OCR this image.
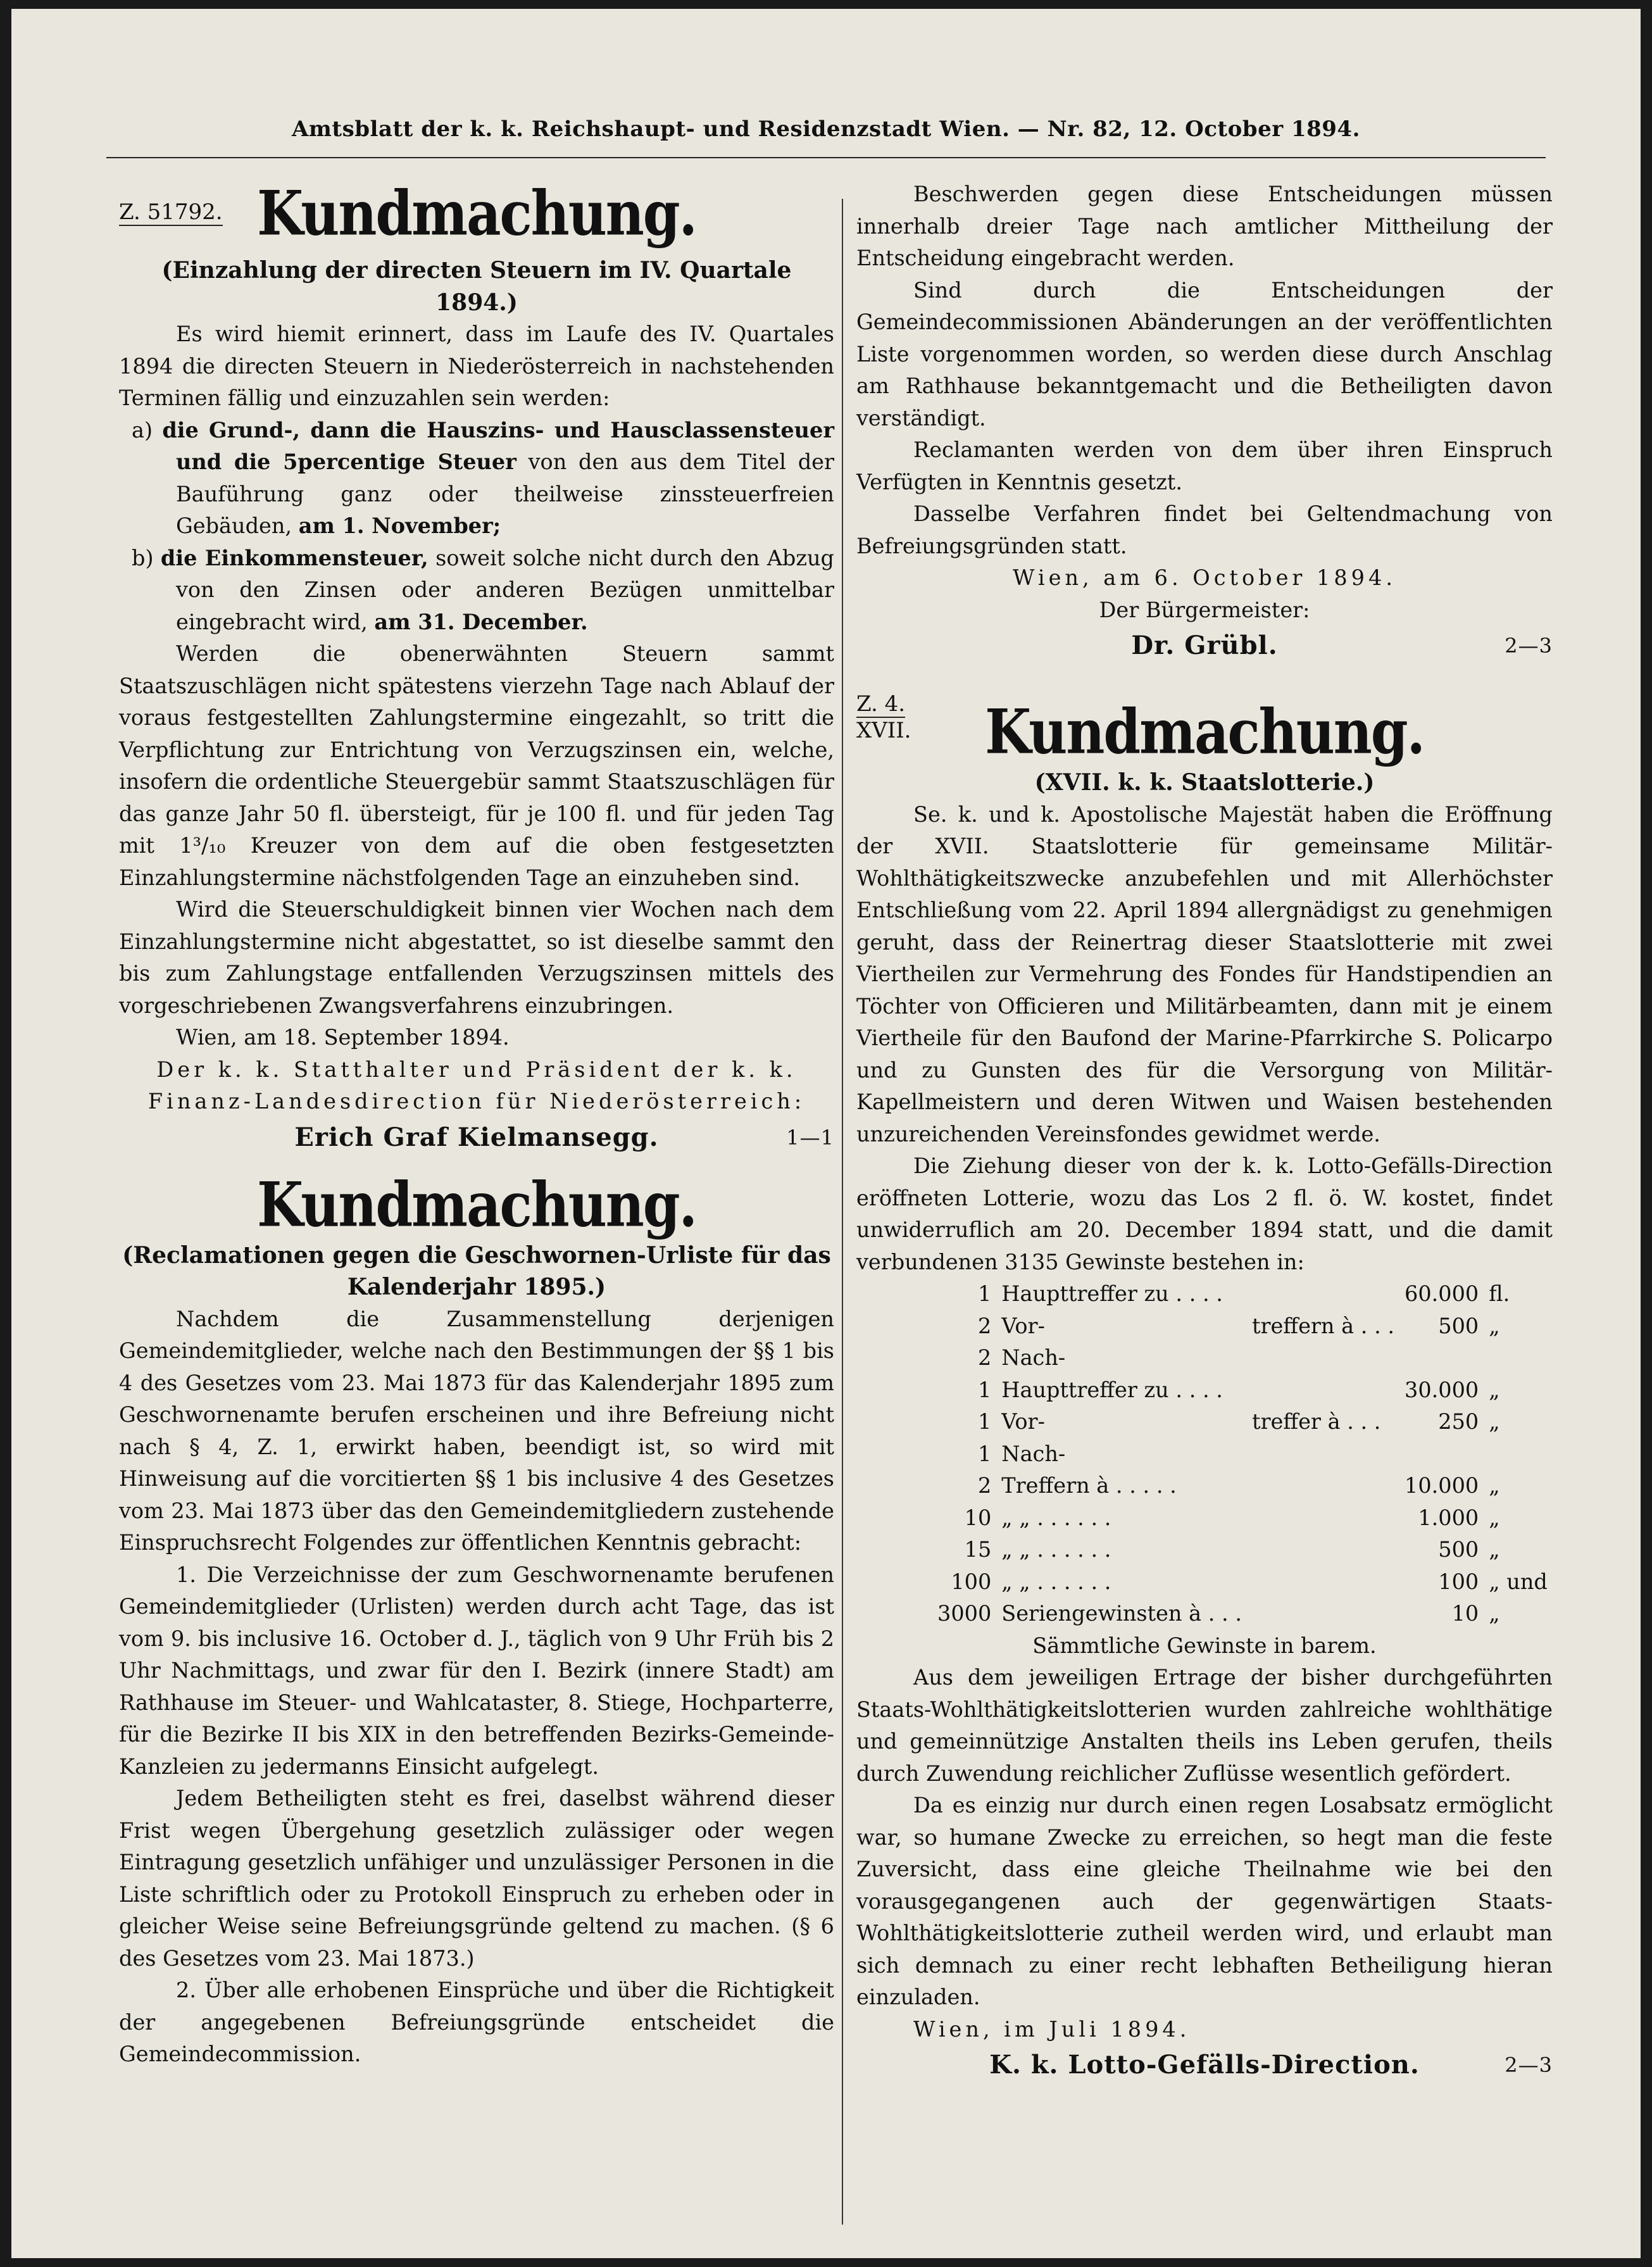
Amtsblatt der k. k. Reichshaupt- und Residenzstadt Wien. — Nr. 82, 12. October 1894.
Z. 51792. Kundmachung.

(Einzahlung der directen Steuern im IV. Quartale 1894.)

Es wird hiemit erinnert, dass im Laufe des IV. Quartales 1894 die directen Steuern in Niederösterreich in nachstehenden Terminen fällig und einzuzahlen sein werden:

a) die Grund-, dann die Hauszins- und Hausclassensteuer und die 5percentige Steuer von den aus dem Titel der Bauführung ganz oder theilweise zinssteuerfreien Gebäuden, am 1. November;

b) die Einkommensteuer, soweit solche nicht durch den Abzug von den Zinsen oder anderen Bezügen unmittelbar eingebracht wird, am 31. December.

Werden die obenerwähnten Steuern sammt Staatszuschlägen nicht spätestens vierzehn Tage nach Ablauf der voraus festgestellten Zahlungstermine eingezahlt, so tritt die Verpflichtung zur Entrichtung von Verzugszinsen ein, welche, insofern die ordentliche Steuergebür sammt Staatszuschlägen für das ganze Jahr 50 fl. übersteigt, für je 100 fl. und für jeden Tag mit 1³/₁₀ Kreuzer von dem auf die oben festgesetzten Einzahlungstermine nächstfolgenden Tage an einzuheben sind.

Wird die Steuerschuldigkeit binnen vier Wochen nach dem Einzahlungstermine nicht abgestattet, so ist dieselbe sammt den bis zum Zahlungstage entfallenden Verzugszinsen mittels des vorgeschriebenen Zwangsverfahrens einzubringen.

Wien, am 18. September 1894.

Der k. k. Statthalter und Präsident der k. k. Finanz-Landesdirection für Niederösterreich:

Erich Graf Kielmansegg.	1—1
Kundmachung.

(Reclamationen gegen die Geschwornen-Urliste für das Kalenderjahr 1895.)

Nachdem die Zusammenstellung derjenigen Gemeindemitglieder, welche nach den Bestimmungen der §§ 1 bis 4 des Gesetzes vom 23. Mai 1873 für das Kalenderjahr 1895 zum Geschwornenamte berufen erscheinen und ihre Befreiung nicht nach § 4, Z. 1, erwirkt haben, beendigt ist, so wird mit Hinweisung auf die vorcitierten §§ 1 bis inclusive 4 des Gesetzes vom 23. Mai 1873 über das den Gemeindemitgliedern zustehende Einspruchsrecht Folgendes zur öffentlichen Kenntnis gebracht:

1. Die Verzeichnisse der zum Geschwornenamte berufenen Gemeindemitglieder (Urlisten) werden durch acht Tage, das ist vom 9. bis inclusive 16. October d. J., täglich von 9 Uhr Früh bis 2 Uhr Nachmittags, und zwar für den I. Bezirk (innere Stadt) am Rathhause im Steuer- und Wahlcataster, 8. Stiege, Hochparterre, für die Bezirke II bis XIX in den betreffenden Bezirks-Gemeinde-Kanzleien zu jedermanns Einsicht aufgelegt.

Jedem Betheiligten steht es frei, daselbst während dieser Frist wegen Übergehung gesetzlich zulässiger oder wegen Eintragung gesetzlich unfähiger und unzulässiger Personen in die Liste schriftlich oder zu Protokoll Einspruch zu erheben oder in gleicher Weise seine Befreiungsgründe geltend zu machen. (§ 6 des Gesetzes vom 23. Mai 1873.)

2. Über alle erhobenen Einsprüche und über die Richtigkeit der angegebenen Befreiungsgründe entscheidet die Gemeindecommission.

Beschwerden gegen diese Entscheidungen müssen innerhalb dreier Tage nach amtlicher Mittheilung der Entscheidung eingebracht werden.

Sind durch die Entscheidungen der Gemeindecommissionen Abänderungen an der veröffentlichten Liste vorgenommen worden, so werden diese durch Anschlag am Rathhause bekanntgemacht und die Betheiligten davon verständigt.

Reclamanten werden von dem über ihren Einspruch Verfügten in Kenntnis gesetzt.

Dasselbe Verfahren findet bei Geltendmachung von Befreiungsgründen statt.

Wien, am 6. October 1894.

Der Bürgermeister:

Dr. Grübl.	2—3
Z. 4.
XVII.	Kundmachung.

(XVII. k. k. Staatslotterie.)

Se. k. und k. Apostolische Majestät haben die Eröffnung der XVII. Staatslotterie für gemeinsame Militär-Wohlthätigkeitszwecke anzubefehlen und mit Allerhöchster Entschließung vom 22. April 1894 allergnädigst zu genehmigen geruht, dass der Reinertrag dieser Staatslotterie mit zwei Viertheilen zur Vermehrung des Fondes für Handstipendien an Töchter von Officieren und Militärbeamten, dann mit je einem Viertheile für den Baufond der Marine-Pfarrkirche S. Policarpo und zu Gunsten des für die Versorgung von Militär-Kapellmeistern und deren Witwen und Waisen bestehenden unzureichenden Vereinsfondes gewidmet werde.

Die Ziehung dieser von der k. k. Lotto-Gefälls-Direction eröffneten Lotterie, wozu das Los 2 fl. ö. W. kostet, findet unwiderruflich am 20. December 1894 statt, und die damit verbundenen 3135 Gewinste bestehen in:

1	Haupttreffer zu . . . .		60.000	fl.
2	Vor-	treffern à . . .	500	„
2	Nach-			
1	Haupttreffer zu . . . .		30.000	„
1	Vor-	treffer à . . .	250	„
1	Nach-			
2	Treffern à . . . . .		10.000	„
10	„ „ . . . . . .		1.000	„
15	„ „ . . . . . .		500	„
100	„ „ . . . . . .		100	„ und
3000	Seriengewinsten à . . .		10	„

Sämmtliche Gewinste in barem.

Aus dem jeweiligen Ertrage der bisher durchgeführten Staats-Wohlthätigkeitslotterien wurden zahlreiche wohlthätige und gemeinnützige Anstalten theils ins Leben gerufen, theils durch Zuwendung reichlicher Zuflüsse wesentlich gefördert.

Da es einzig nur durch einen regen Losabsatz ermöglicht war, so humane Zwecke zu erreichen, so hegt man die feste Zuversicht, dass eine gleiche Theilnahme wie bei den vorausgegangenen auch der gegenwärtigen Staats-Wohlthätigkeitslotterie zutheil werden wird, und erlaubt man sich demnach zu einer recht lebhaften Betheiligung hieran einzuladen.

Wien, im Juli 1894.

K. k. Lotto-Gefälls-Direction.	2—3
